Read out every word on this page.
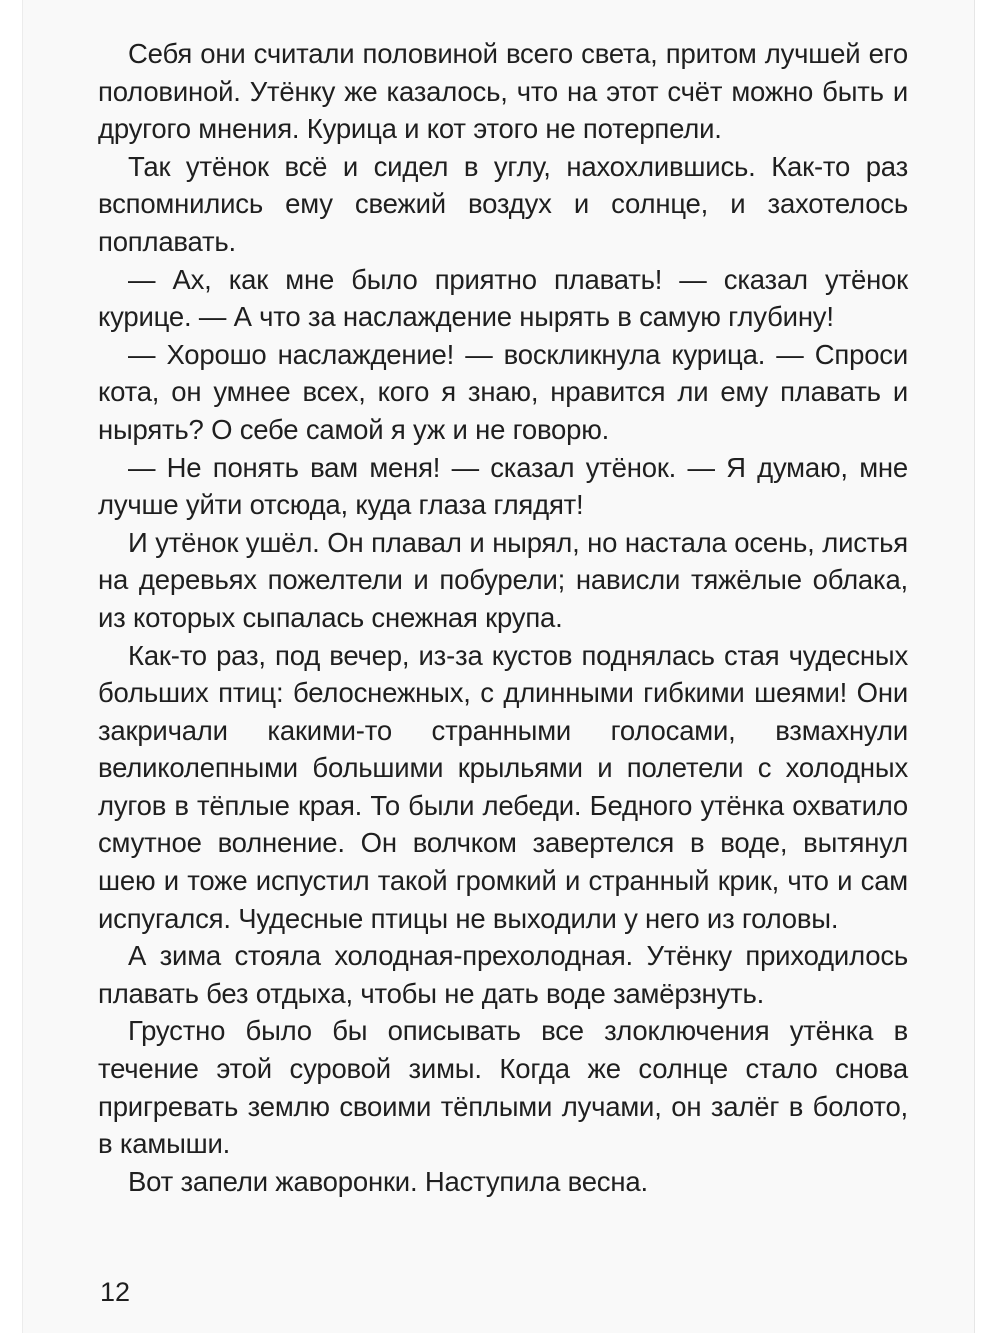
Себя они считали половиной всего света, притом лучшей его половиной. Утёнку же казалось, что на этот счёт можно быть и другого мнения. Курица и кот этого не потерпели.

Так утёнок всё и сидел в углу, нахохлившись. Как-то раз вспомнились ему свежий воздух и солнце, и захотелось поплавать.

— Ах, как мне было приятно плавать! — сказал утёнок курице. — А что за наслаждение нырять в самую глубину!

— Хорошо наслаждение! — воскликнула курица. — Спроси кота, он умнее всех, кого я знаю, нравится ли ему плавать и нырять? О себе самой я уж и не говорю.

— Не понять вам меня! — сказал утёнок. — Я думаю, мне лучше уйти отсюда, куда глаза глядят!

И утёнок ушёл. Он плавал и нырял, но настала осень, листья на деревьях пожелтели и побурели; нависли тяжёлые облака, из которых сыпалась снежная крупа.

Как-то раз, под вечер, из-за кустов поднялась стая чудесных больших птиц: белоснежных, с длинными гибкими шеями! Они закричали какими-то странными голосами, взмахнули великолепными большими крыльями и полетели с холодных лугов в тёплые края. То были лебеди. Бедного утёнка охватило смутное волнение. Он волчком завертелся в воде, вытянул шею и тоже испустил такой громкий и странный крик, что и сам испугался. Чудесные птицы не выходили у него из головы.

А зима стояла холодная-прехолодная. Утёнку приходилось плавать без отдыха, чтобы не дать воде замёрзнуть.

Грустно было бы описывать все злоключения утёнка в течение этой суровой зимы. Когда же солнце стало снова пригревать землю своими тёплыми лучами, он залёг в болото, в камыши.

Вот запели жаворонки. Наступила весна.

12
